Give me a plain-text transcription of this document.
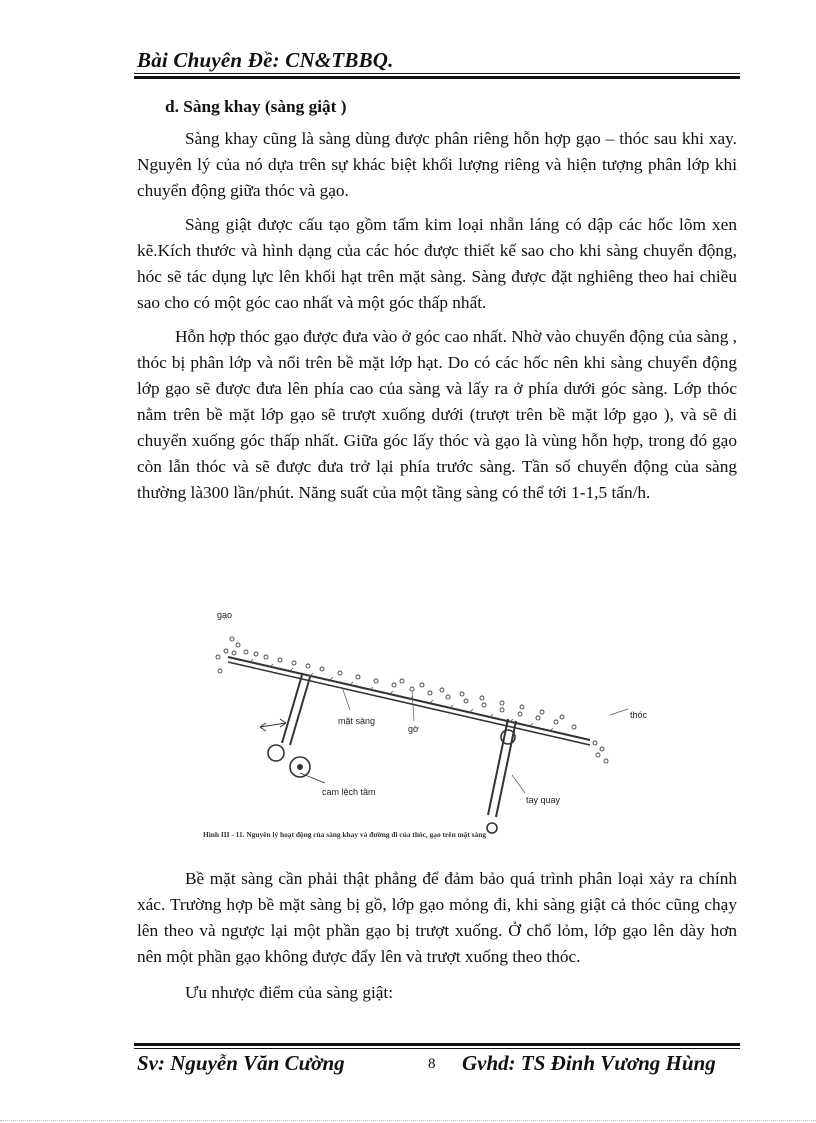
Bài Chuyên Đề: CN&TBBQ.

d. Sàng khay (sàng giật )

Sàng khay cũng là sàng dùng được phân riêng hỗn hợp gạo – thóc sau khi xay. Nguyên lý của nó dựa trên sự khác biệt khối lượng riêng và hiện tượng phân lớp khi chuyển động giữa thóc và gạo.

Sàng giật được cấu tạo gồm tấm kim loại nhẵn láng có dập các hốc lõm xen kẽ.Kích thước và hình dạng của các hóc được thiết kế sao cho khi sàng chuyển động, hóc sẽ tác dụng lực lên khối hạt trên mặt sàng. Sàng được đặt nghiêng theo hai chiều sao cho có một góc cao nhất và một góc thấp nhất.

Hỗn hợp thóc gạo được đưa vào ở góc cao nhất. Nhờ vào chuyển động của sàng , thóc bị phân lớp và nổi trên bề mặt lớp hạt. Do có các hốc nên khi sàng chuyển động lớp gạo sẽ được đưa lên phía cao của sàng và lấy ra ở phía dưới góc sàng. Lớp thóc nằm trên bề mặt lớp gạo sẽ trượt xuống dưới (trượt trên bề mặt lớp gạo ), và sẽ di chuyển xuống góc thấp nhất. Giữa góc lấy thóc và gạo là vùng hỗn hợp, trong đó gạo còn lẫn thóc và sẽ được đưa trở lại phía trước sàng. Tần số chuyển động của sàng thường là300 lần/phút. Năng suất của một tầng sàng có thể tới 1-1,5 tấn/h.

gạo
thóc
mặt sàng
gờ
cam lệch tâm
tay quay
Hình III - 11. Nguyên lý hoạt động của sàng khay và đường đi của thóc, gạo trên mặt sàng

Bề mặt sàng cần phải thật phẳng để đảm bảo quá trình phân loại xảy ra chính xác. Trường hợp bề mặt sàng bị gồ, lớp gạo mỏng đi, khi sàng giật cả thóc cũng chạy lên theo và ngược lại một phần gạo bị trượt xuống. Ở chổ lỏm, lớp gạo lên dày hơn nên một phần gạo không được đẩy lên và trượt xuống theo thóc.

Ưu nhược điểm của sàng giật:

Sv: Nguyễn Văn Cường	8 Gvhd: TS Đinh Vương Hùng
